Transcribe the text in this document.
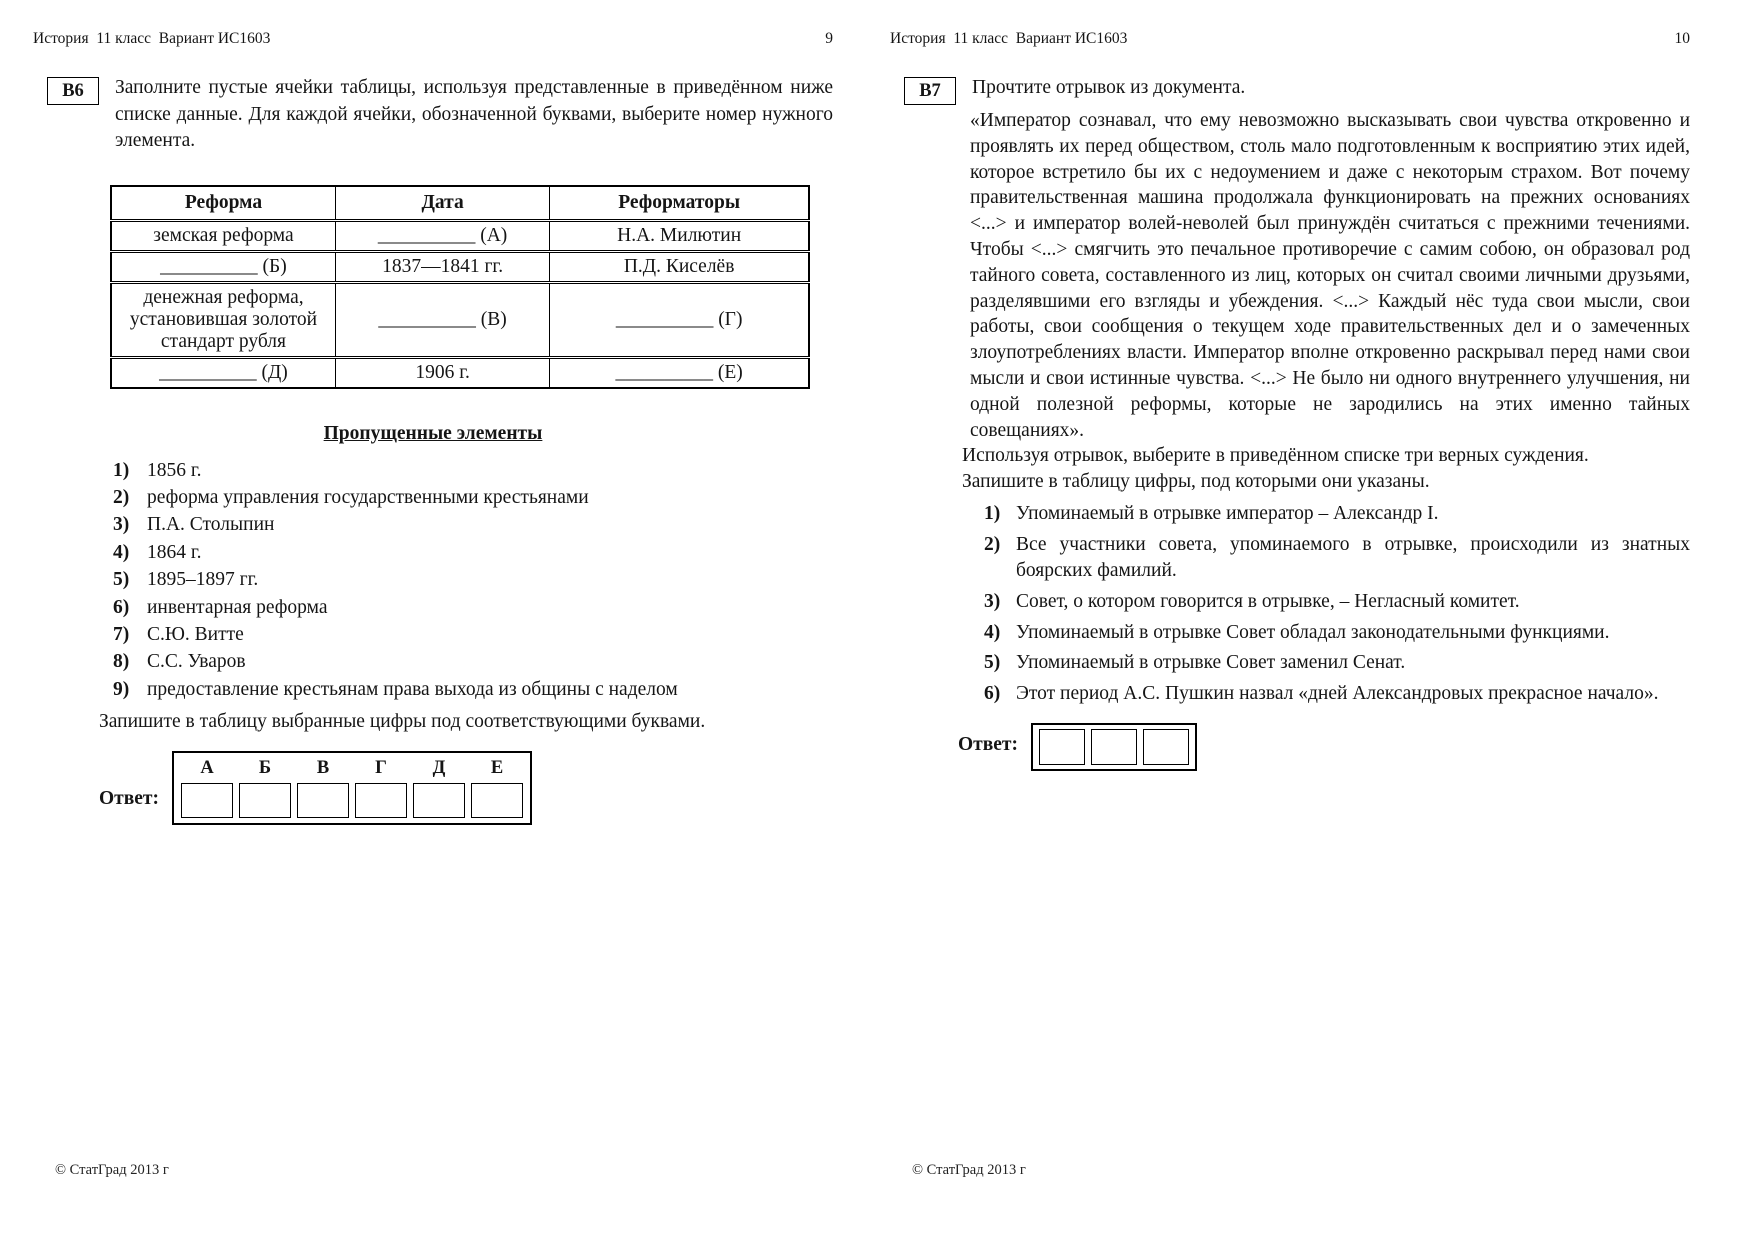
История  11 класс  Вариант ИС1603	9
В6 Заполните пустые ячейки таблицы, используя представленные в приведённом ниже списке данные. Для каждой ячейки, обозначенной буквами, выберите номер нужного элемента.
Реформа	Дата	Реформаторы
земская реформа	__________ (А)	Н.А. Милютин
__________ (Б)	1837—1841 гг.	П.Д. Киселёв
денежная реформа, установившая золотой стандарт рубля	__________ (В)	__________ (Г)
__________ (Д)	1906 г.	__________ (Е)
Пропущенные элементы
1) 1856 г.
2) реформа управления государственными крестьянами
3) П.А. Столыпин
4) 1864 г.
5) 1895–1897 гг.
6) инвентарная реформа
7) С.Ю. Витте
8) С.С. Уваров
9) предоставление крестьянам права выхода из общины с наделом
Запишите в таблицу выбранные цифры под соответствующими буквами.
Ответ:
А	Б	В	Г	Д	Е
© СтатГрад 2013 г
История  11 класс  Вариант ИС1603	10
В7 Прочтите отрывок из документа.
«Император сознавал, что ему невозможно высказывать свои чувства откровенно и проявлять их перед обществом, столь мало подготовленным к восприятию этих идей, которое встретило бы их с недоумением и даже с некоторым страхом. Вот почему правительственная машина продолжала функционировать на прежних основаниях <...> и император волей-неволей был принуждён считаться с прежними течениями. Чтобы <...> смягчить это печальное противоречие с самим собою, он образовал род тайного совета, составленного из лиц, которых он считал своими личными друзьями, разделявшими его взгляды и убеждения. <...> Каждый нёс туда свои мысли, свои работы, свои сообщения о текущем ходе правительственных дел и о замеченных злоупотреблениях власти. Император вполне откровенно раскрывал перед нами свои мысли и свои истинные чувства. <...> Не было ни одного внутреннего улучшения, ни одной полезной реформы, которые не зародились на этих именно тайных совещаниях».
Используя отрывок, выберите в приведённом списке три верных суждения.
Запишите в таблицу цифры, под которыми они указаны.
1) Упоминаемый в отрывке император – Александр I.
2) Все участники совета, упоминаемого в отрывке, происходили из знатных боярских фамилий.
3) Совет, о котором говорится в отрывке, – Негласный комитет.
4) Упоминаемый в отрывке Совет обладал законодательными функциями.
5) Упоминаемый в отрывке Совет заменил Сенат.
6) Этот период А.С. Пушкин назвал «дней Александровых прекрасное начало».
Ответ:
© СтатГрад 2013 г
